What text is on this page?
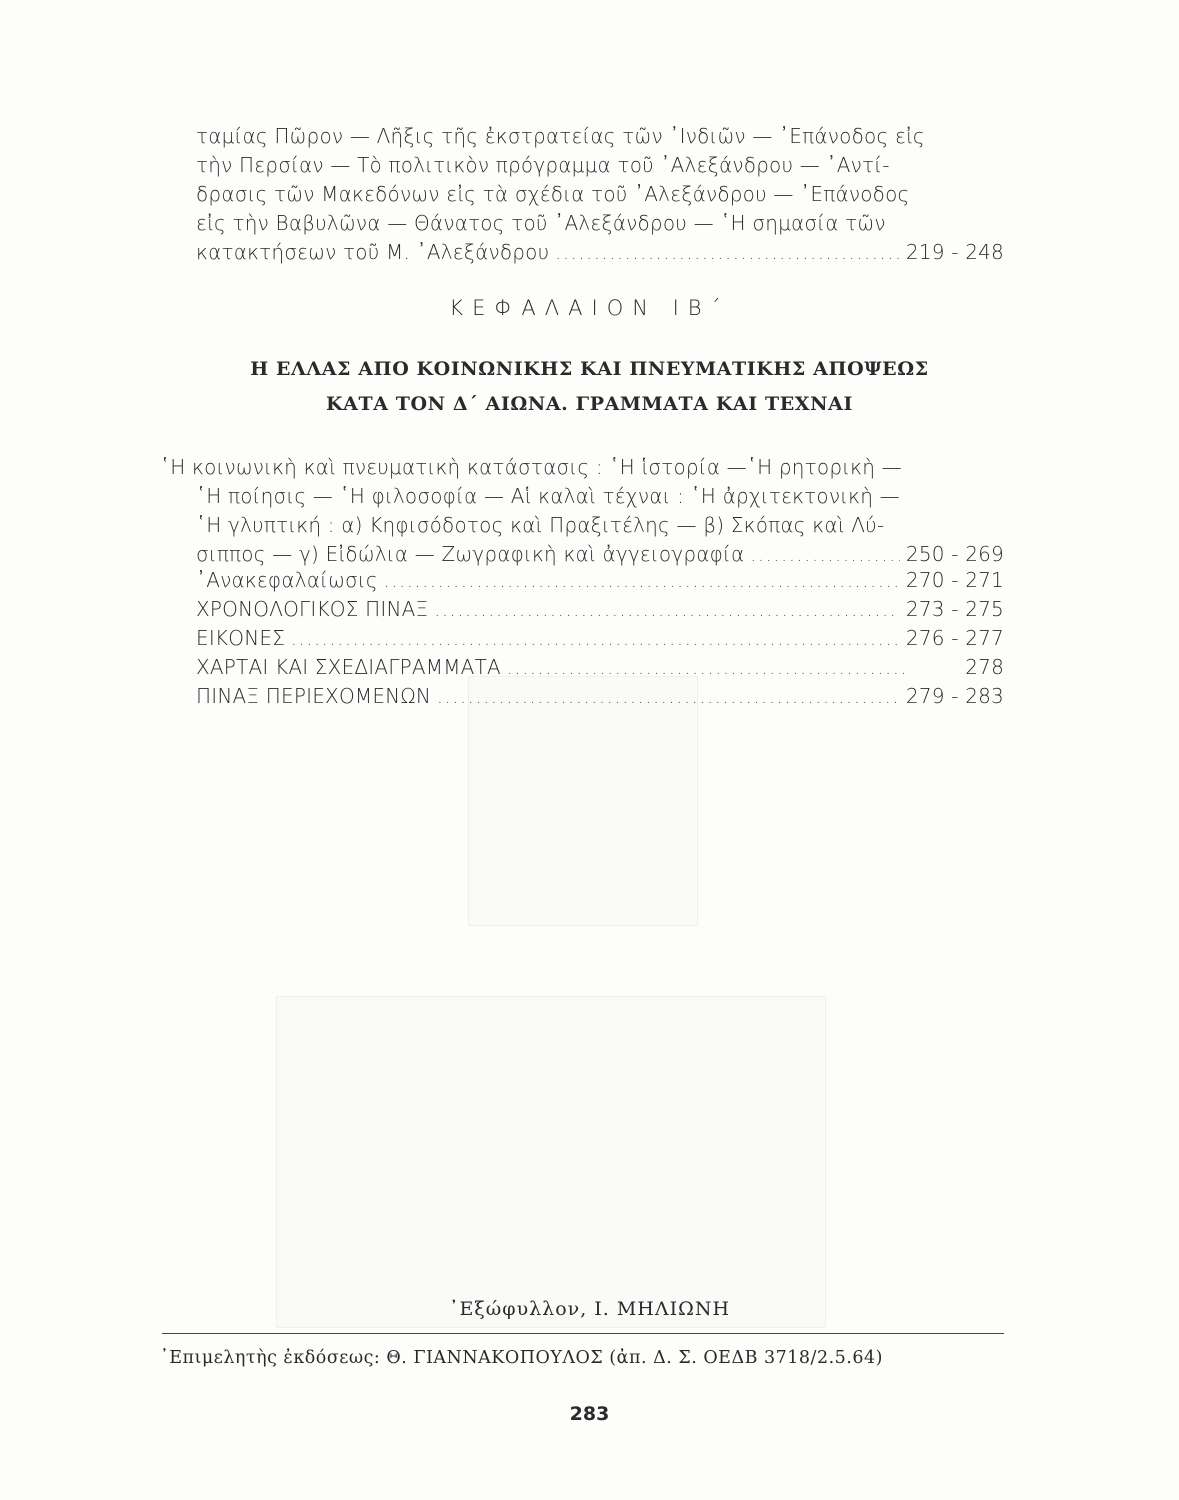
ταμίας Πῶρον — Λῆξις τῆς ἐκστρατείας τῶν ᾿Ινδιῶν — ᾿Επάνοδος εἰς
τὴν Περσίαν — Τὸ πολιτικὸν πρόγραμμα τοῦ ᾿Αλεξάνδρου — ᾿Αντί-
δρασις τῶν Μακεδόνων εἰς τὰ σχέδια τοῦ ᾿Αλεξάνδρου — ᾿Επάνοδος
εἰς τὴν Βαβυλῶνα — Θάνατος τοῦ ᾿Αλεξάνδρου — ῾Η σημασία τῶν
κατακτήσεων τοῦ Μ. ᾿Αλεξάνδρου .....	219 - 248
ΚΕΦΑΛΑΙΟΝ ΙΒ΄
Η ΕΛΛΑΣ ΑΠΟ ΚΟΙΝΩΝΙΚΗΣ ΚΑΙ ΠΝΕΥΜΑΤΙΚΗΣ ΑΠΟΨΕΩΣ
ΚΑΤΑ ΤΟΝ Δ΄ ΑΙΩΝΑ. ΓΡΑΜΜΑΤΑ ΚΑΙ ΤΕΧΝΑΙ
῾Η κοινωνικὴ καὶ πνευματικὴ κατάστασις : ῾Η ἱστορία —῾Η ρητορικὴ —
῾Η ποίησις — ῾Η φιλοσοφία — Αἱ καλαὶ τέχναι : ῾Η ἀρχιτεκτονικὴ —
῾Η γλυπτική : α) Κηφισόδοτος καὶ Πραξιτέλης — β) Σκόπας καὶ Λύ-
σιππος — γ) Εἰδώλια — Ζωγραφικὴ καὶ ἀγγειογραφία .....	250 - 269
᾿Ανακεφαλαίωσις .....	270 - 271
ΧΡΟΝΟΛΟΓΙΚΟΣ ΠΙΝΑΞ .....	273 - 275
ΕΙΚΟΝΕΣ .....	276 - 277
ΧΑΡΤΑΙ ΚΑΙ ΣΧΕΔΙΑΓΡΑΜΜΑΤΑ .....	278
ΠΙΝΑΞ ΠΕΡΙΕΧΟΜΕΝΩΝ .....	279 - 283
᾿Εξώφυλλον, Ι. ΜΗΛΙΩΝΗ
᾿Επιμελητὴς ἐκδόσεως: Θ. ΓΙΑΝΝΑΚΟΠΟΥΛΟΣ (ἀπ. Δ. Σ. ΟΕΔΒ 3718/2.5.64)
283
